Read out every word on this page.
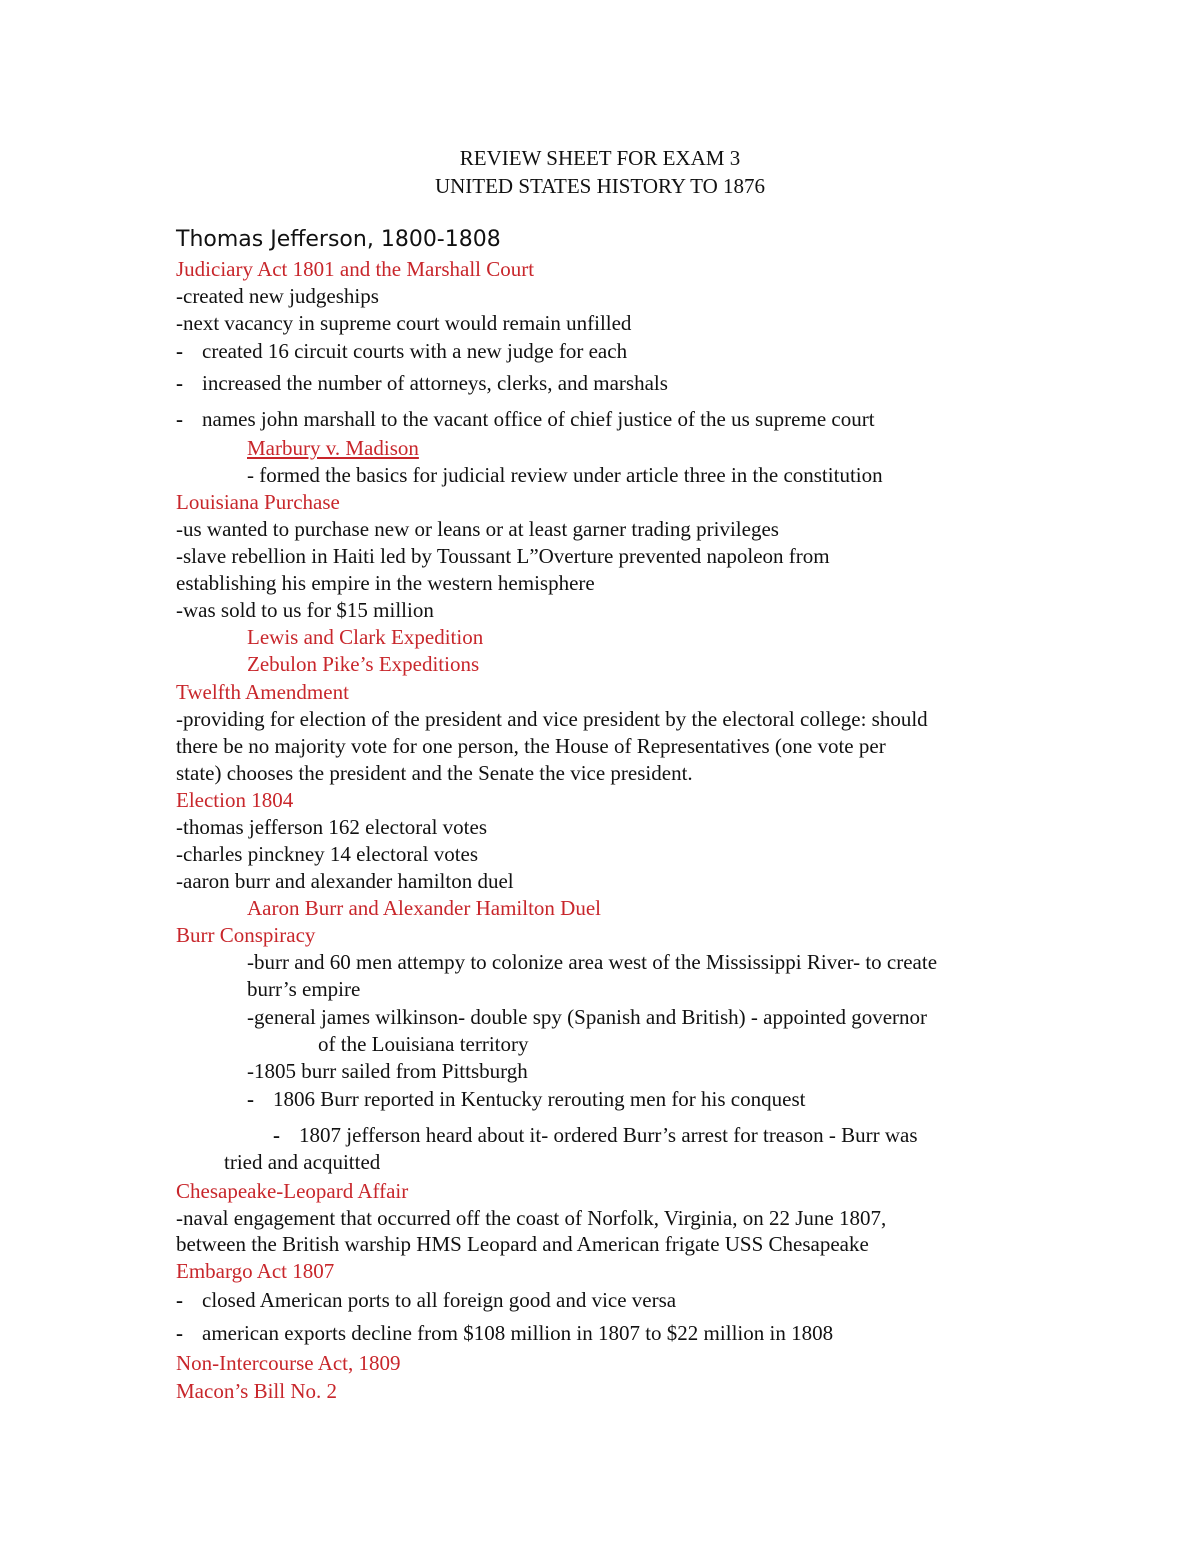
REVIEW SHEET FOR EXAM 3

UNITED STATES HISTORY TO 1876

Thomas Jefferson, 1800-1808

Judiciary Act 1801 and the Marshall Court

-created new judgeships

-next vacancy in supreme court would remain unfilled

- created 16 circuit courts with a new judge for each

- increased the number of attorneys, clerks, and marshals

- names john marshall to the vacant office of chief justice of the us supreme court

Marbury v. Madison

- formed the basics for judicial review under article three in the constitution

Louisiana Purchase

-us wanted to purchase new or leans or at least garner trading privileges

-slave rebellion in Haiti led by Toussant L”Overture prevented napoleon from

establishing his empire in the western hemisphere

-was sold to us for $15 million

Lewis and Clark Expedition

Zebulon Pike’s Expeditions

Twelfth Amendment

-providing for election of the president and vice president by the electoral college: should

there be no majority vote for one person, the House of Representatives (one vote per

state) chooses the president and the Senate the vice president.

Election 1804

-thomas jefferson 162 electoral votes

-charles pinckney 14 electoral votes

-aaron burr and alexander hamilton duel

Aaron Burr and Alexander Hamilton Duel

Burr Conspiracy

-burr and 60 men attempy to colonize area west of the Mississippi River- to create

burr’s empire

-general james wilkinson- double spy (Spanish and British) - appointed governor

of the Louisiana territory

-1805 burr sailed from Pittsburgh

- 1806 Burr reported in Kentucky rerouting men for his conquest

- 1807 jefferson heard about it- ordered Burr’s arrest for treason - Burr was

tried and acquitted

Chesapeake-Leopard Affair

-naval engagement that occurred off the coast of Norfolk, Virginia, on 22 June 1807,

between the British warship HMS Leopard and American frigate USS Chesapeake

Embargo Act 1807

- closed American ports to all foreign good and vice versa

- american exports decline from $108 million in 1807 to $22 million in 1808

Non-Intercourse Act, 1809

Macon’s Bill No. 2
